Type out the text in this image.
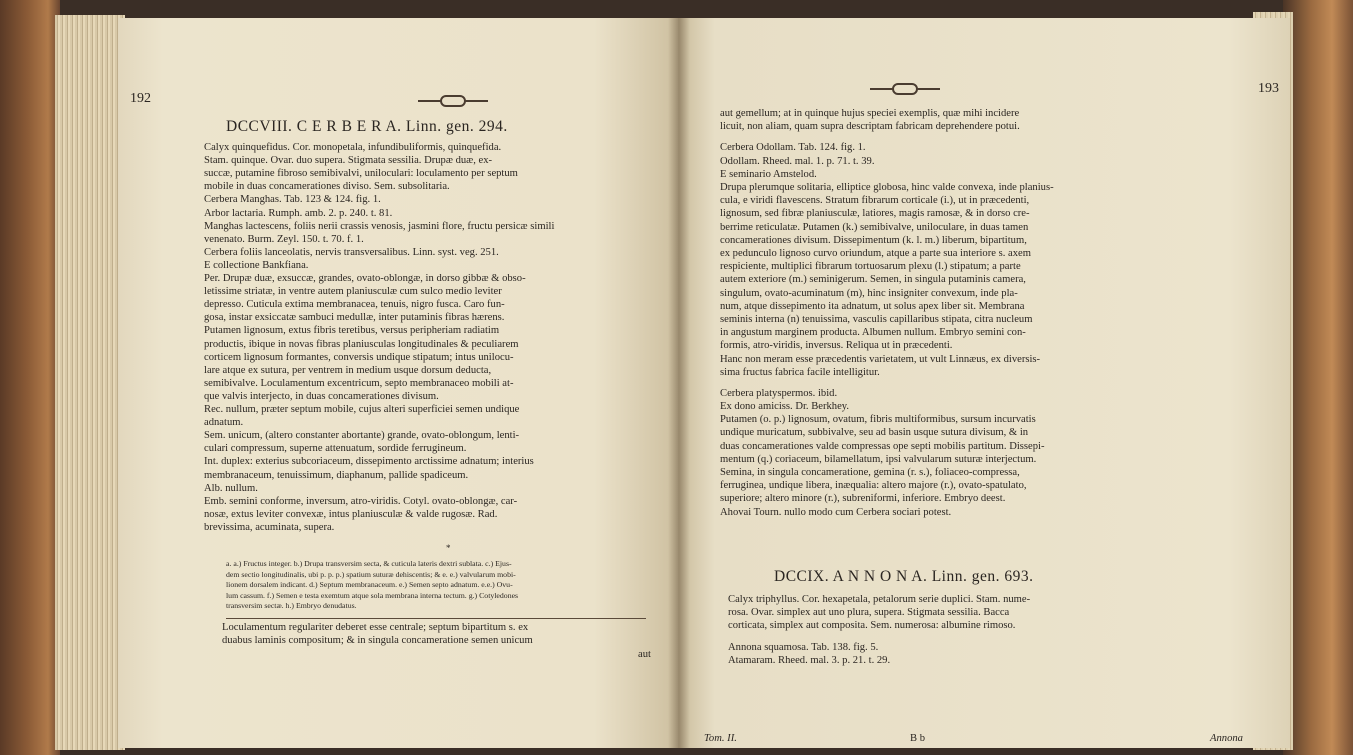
192
DCCVIII. C E R B E R A. Linn. gen. 294.
Calyx quinquefidus. Cor. monopetala, infundibuliformis, quinquefida.
Stam. quinque. Ovar. duo supera. Stigmata sessilia. Drupæ duæ, ex-
succæ, putamine fibroso semibivalvi, uniloculari: loculamento per septum
mobile in duas concamerationes diviso. Sem. subsolitaria.
Cerbera Manghas. Tab. 123 & 124. fig. 1.
Arbor lactaria. Rumph. amb. 2. p. 240. t. 81.
Manghas lactescens, foliis nerii crassis venosis, jasmini flore, fructu persicæ simili
venenato. Burm. Zeyl. 150. t. 70. f. 1.
Cerbera foliis lanceolatis, nervis transversalibus. Linn. syst. veg. 251.
E collectione Bankfiana.
Per. Drupæ duæ, exsuccæ, grandes, ovato-oblongæ, in dorso gibbæ & obso-
letissime striatæ, in ventre autem planiusculæ cum sulco medio leviter
depresso. Cuticula extima membranacea, tenuis, nigro fusca. Caro fun-
gosa, instar exsiccatæ sambuci medullæ, inter putaminis fibras hærens.
Putamen lignosum, extus fibris teretibus, versus peripheriam radiatim
productis, ibique in novas fibras planiusculas longitudinales & peculiarem
corticem lignosum formantes, conversis undique stipatum; intus unilocu-
lare atque ex sutura, per ventrem in medium usque dorsum deducta,
semibivalve. Loculamentum excentricum, septo membranaceo mobili at-
que valvis interjecto, in duas concamerationes divisum.
Rec. nullum, præter septum mobile, cujus alteri superficiei semen undique
adnatum.
Sem. unicum, (altero constanter abortante) grande, ovato-oblongum, lenti-
culari compressum, superne attenuatum, sordide ferrugineum.
Int. duplex: exterius subcoriaceum, dissepimento arctissime adnatum; interius
membranaceum, tenuissimum, diaphanum, pallide spadiceum.
Alb. nullum.
Emb. semini conforme, inversum, atro-viridis. Cotyl. ovato-oblongæ, car-
nosæ, extus leviter convexæ, intus planiusculæ & valde rugosæ. Rad.
brevissima, acuminata, supera.
*
a. a.) Fructus integer. b.) Drupa transversim secta, & cuticula lateris dextri sublata. c.) Ejus-
dem sectio longitudinalis, ubi p. p. p.) spatium suturæ dehiscentis; & e. e.) valvularum mobi-
lionem dorsalem indicant. d.) Septum membranaceum. e.) Semen septo adnatum. e.e.) Ovu-
lum cassum. f.) Semen e testa exemtum atque sola membrana interna tectum. g.) Cotyledones
transversim sectæ. h.) Embryo denudatus.
Loculamentum regulariter deberet esse centrale; septum bipartitum s. ex
duabus laminis compositum; & in singula concameratione semen unicum
aut
193
aut gemellum; at in quinque hujus speciei exemplis, quæ mihi incidere
licuit, non aliam, quam supra descriptam fabricam deprehendere potui.
Cerbera Odollam. Tab. 124. fig. 1.
Odollam. Rheed. mal. 1. p. 71. t. 39.
E seminario Amstelod.
Drupa plerumque solitaria, elliptice globosa, hinc valde convexa, inde planius-
cula, e viridi flavescens. Stratum fibrarum corticale (i.), ut in præcedenti,
lignosum, sed fibræ planiusculæ, latiores, magis ramosæ, & in dorso cre-
berrime reticulatæ. Putamen (k.) semibivalve, uniloculare, in duas tamen
concamerationes divisum. Dissepimentum (k. l. m.) liberum, bipartitum,
ex pedunculo lignoso curvo oriundum, atque a parte sua interiore s. axem
respiciente, multiplici fibrarum tortuosarum plexu (l.) stipatum; a parte
autem exteriore (m.) seminigerum. Semen, in singula putaminis camera,
singulum, ovato-acuminatum (m), hinc insigniter convexum, inde pla-
num, atque dissepimento ita adnatum, ut solus apex liber sit. Membrana
seminis interna (n) tenuissima, vasculis capillaribus stipata, citra nucleum
in angustum marginem producta. Albumen nullum. Embryo semini con-
formis, atro-viridis, inversus. Reliqua ut in præcedenti.
Hanc non meram esse præcedentis varietatem, ut vult Linnæus, ex diversis-
sima fructus fabrica facile intelligitur.
Cerbera platyspermos. ibid.
Ex dono amiciss. Dr. Berkhey.
Putamen (o. p.) lignosum, ovatum, fibris multiformibus, sursum incurvatis
undique muricatum, subbivalve, seu ad basin usque sutura divisum, & in
duas concamerationes valde compressas ope septi mobilis partitum. Dissepi-
mentum (q.) coriaceum, bilamellatum, ipsi valvularum suturæ interjectum.
Semina, in singula concameratione, gemina (r. s.), foliaceo-compressa,
ferruginea, undique libera, inæqualia: altero majore (r.), ovato-spatulato,
superiore; altero minore (r.), subreniformi, inferiore. Embryo deest.
Ahovai Tourn. nullo modo cum Cerbera sociari potest.
DCCIX. A N N O N A. Linn. gen. 693.
Calyx triphyllus. Cor. hexapetala, petalorum serie duplici. Stam. nume-
rosa. Ovar. simplex aut uno plura, supera. Stigmata sessilia. Bacca
corticata, simplex aut composita. Sem. numerosa: albumine rimoso.
Annona squamosa. Tab. 138. fig. 5.
Atamaram. Rheed. mal. 3. p. 21. t. 29.
Tom. II.	B b	Annona
